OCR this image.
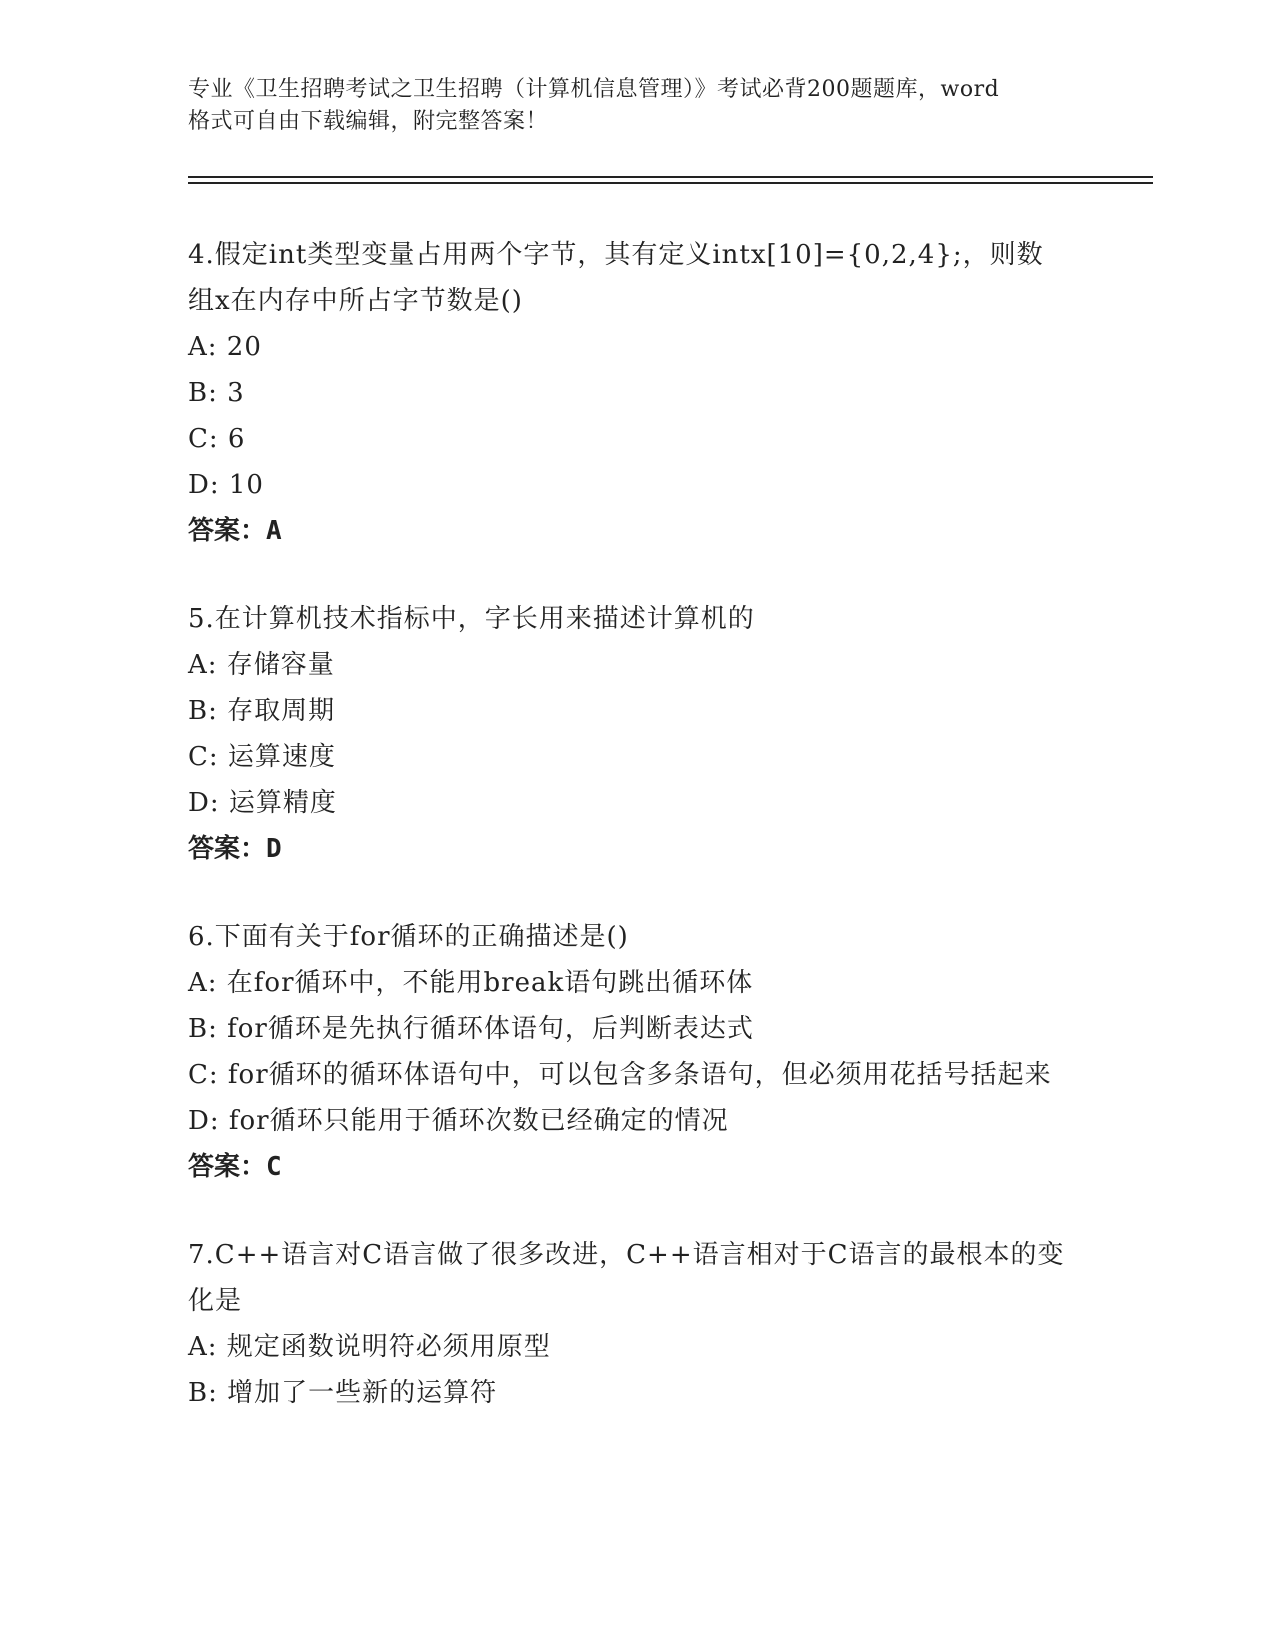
专业《卫生招聘考试之卫生招聘（计算机信息管理）》考试必背200题题库，word
格式可自由下载编辑，附完整答案！
4.假定int类型变量占用两个字节，其有定义intx[10]={0,2,4};，则数组x在内存中所占字节数是()
A: 20
B: 3
C: 6
D: 10
答案：A
5.在计算机技术指标中，字长用来描述计算机的
A: 存储容量
B: 存取周期
C: 运算速度
D: 运算精度
答案：D
6.下面有关于for循环的正确描述是()
A: 在for循环中，不能用break语句跳出循环体
B: for循环是先执行循环体语句，后判断表达式
C: for循环的循环体语句中，可以包含多条语句，但必须用花括号括起来
D: for循环只能用于循环次数已经确定的情况
答案：C
7.C++语言对C语言做了很多改进，C++语言相对于C语言的最根本的变化是
A: 规定函数说明符必须用原型
B: 增加了一些新的运算符
